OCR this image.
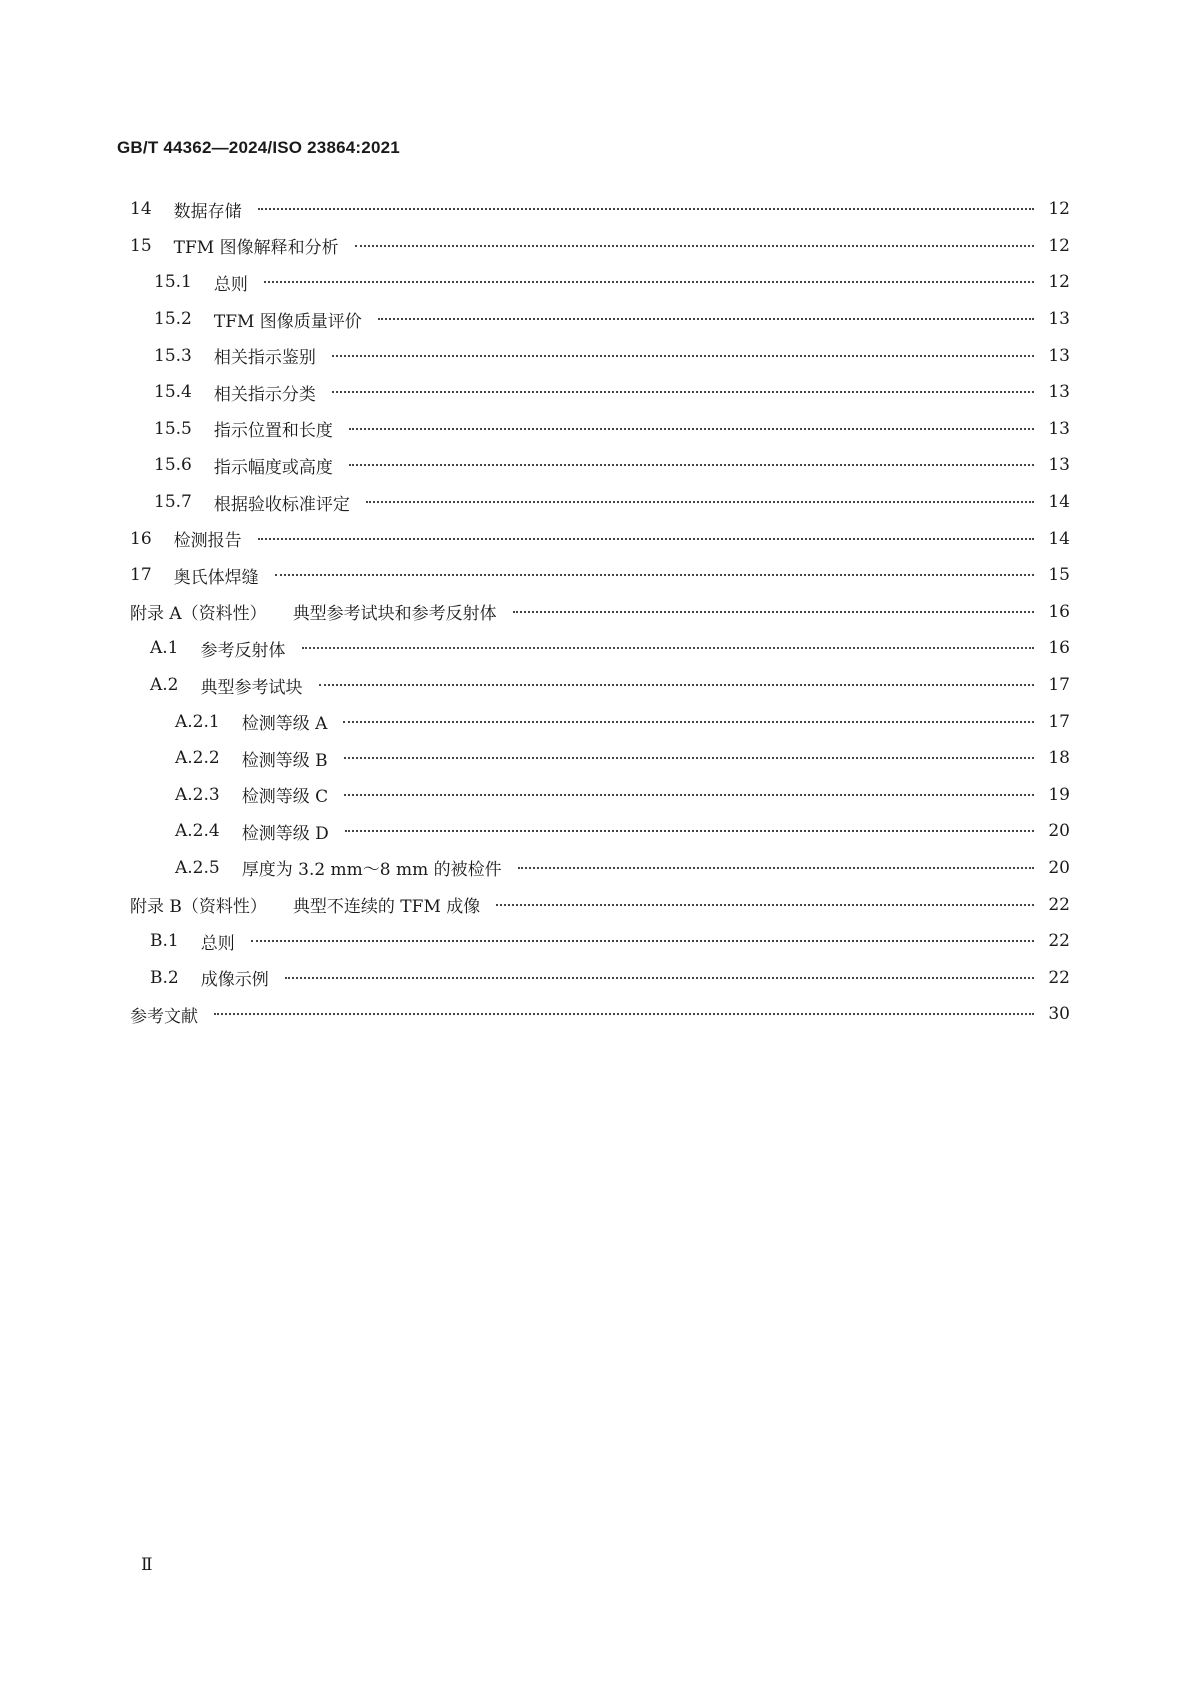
GB/T 44362—2024/ISO 23864:2021
14 数据存储	12
15 TFM 图像解释和分析	12
15.1 总则	12
15.2 TFM 图像质量评价	13
15.3 相关指示鉴别	13
15.4 相关指示分类	13
15.5 指示位置和长度	13
15.6 指示幅度或高度	13
15.7 根据验收标准评定	14
16 检测报告	14
17 奥氏体焊缝	15
附录 A（资料性） 典型参考试块和参考反射体	16
A.1 参考反射体	16
A.2 典型参考试块	17
A.2.1 检测等级 A	17
A.2.2 检测等级 B	18
A.2.3 检测等级 C	19
A.2.4 检测等级 D	20
A.2.5 厚度为 3.2 mm～8 mm 的被检件	20
附录 B（资料性） 典型不连续的 TFM 成像	22
B.1 总则	22
B.2 成像示例	22
参考文献	30
Ⅱ
